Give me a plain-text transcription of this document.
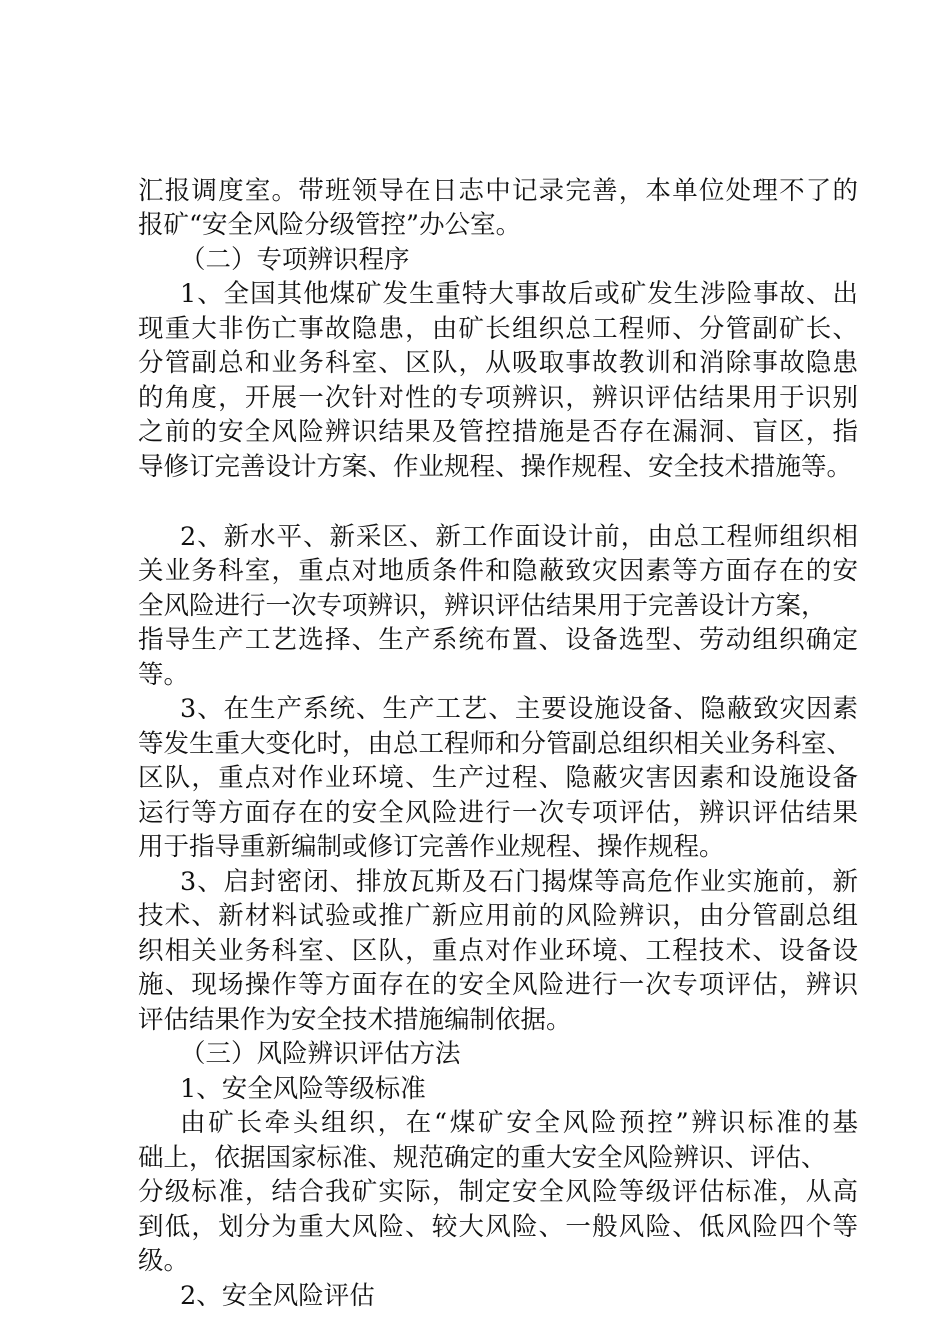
汇报调度室。带班领导在日志中记录完善，本单位处理不了的
报矿“安全风险分级管控”办公室。
（二）专项辨识程序
1、全国其他煤矿发生重特大事故后或矿发生涉险事故、出
现重大非伤亡事故隐患，由矿长组织总工程师、分管副矿长、
分管副总和业务科室、区队，从吸取事故教训和消除事故隐患
的角度，开展一次针对性的专项辨识，辨识评估结果用于识别
之前的安全风险辨识结果及管控措施是否存在漏洞、盲区，指
导修订完善设计方案、作业规程、操作规程、安全技术措施等。
2、新水平、新采区、新工作面设计前，由总工程师组织相
关业务科室，重点对地质条件和隐蔽致灾因素等方面存在的安
全风险进行一次专项辨识，辨识评估结果用于完善设计方案，
指导生产工艺选择、生产系统布置、设备选型、劳动组织确定
等。
3、在生产系统、生产工艺、主要设施设备、隐蔽致灾因素
等发生重大变化时，由总工程师和分管副总组织相关业务科室、
区队，重点对作业环境、生产过程、隐蔽灾害因素和设施设备
运行等方面存在的安全风险进行一次专项评估，辨识评估结果
用于指导重新编制或修订完善作业规程、操作规程。
3、启封密闭、排放瓦斯及石门揭煤等高危作业实施前，新
技术、新材料试验或推广新应用前的风险辨识，由分管副总组
织相关业务科室、区队，重点对作业环境、工程技术、设备设
施、现场操作等方面存在的安全风险进行一次专项评估，辨识
评估结果作为安全技术措施编制依据。
（三）风险辨识评估方法
1、安全风险等级标准
由矿长牵头组织，在“煤矿安全风险预控”辨识标准的基
础上，依据国家标准、规范确定的重大安全风险辨识、评估、
分级标准，结合我矿实际，制定安全风险等级评估标准，从高
到低，划分为重大风险、较大风险、一般风险、低风险四个等
级。
2、安全风险评估
